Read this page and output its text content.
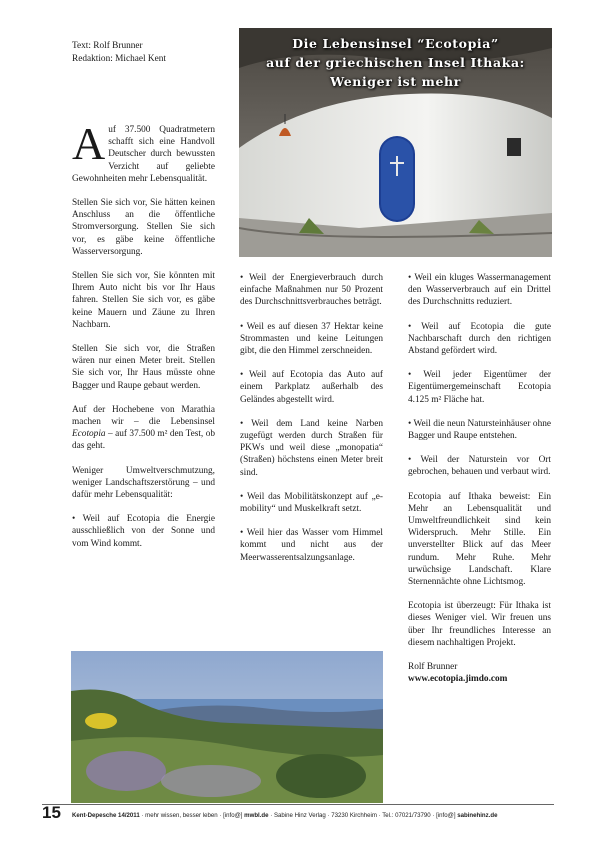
Text: Rolf Brunner
Redaktion: Michael Kent
Die Lebensinsel “Ecotopia”
auf der griechischen Insel Ithaka:
Weniger ist mehr

Auf 37.500 Quadratmetern schafft sich eine Handvoll Deutscher durch bewussten Verzicht auf geliebte Gewohnheiten mehr Lebensqualität.

Stellen Sie sich vor, Sie hätten keinen Anschluss an die öffentliche Stromversorgung. Stellen Sie sich vor, es gäbe keine öffentliche Wasserversorgung.

Stellen Sie sich vor, Sie könnten mit Ihrem Auto nicht bis vor Ihr Haus fahren. Stellen Sie sich vor, es gäbe keine Mauern und Zäune zu Ihren Nachbarn.

Stellen Sie sich vor, die Straßen wären nur einen Meter breit. Stellen Sie sich vor, Ihr Haus müsste ohne Bagger und Raupe gebaut werden.

Auf der Hochebene von Marathia machen wir – die Lebensinsel Ecotopia – auf 37.500 m² den Test, ob das geht.

Weniger Umweltverschmutzung, weniger Landschaftszerstörung – und dafür mehr Lebensqualität:

• Weil auf Ecotopia die Energie ausschließlich von der Sonne und vom Wind kommt.

• Weil der Energieverbrauch durch einfache Maßnahmen nur 50 Prozent des Durchschnittsverbrauches beträgt.

• Weil es auf diesen 37 Hektar keine Strommasten und keine Leitungen gibt, die den Himmel zerschneiden.

• Weil auf Ecotopia das Auto auf einem Parkplatz außerhalb des Geländes abgestellt wird.

• Weil dem Land keine Narben zugefügt werden durch Straßen für PKWs und weil diese „monopatia“ (Straßen) höchstens einen Meter breit sind.

• Weil das Mobilitätskonzept auf „e-mobility“ und Muskelkraft setzt.

• Weil hier das Wasser vom Himmel kommt und nicht aus der Meerwasserentsalzungsanlage.

• Weil ein kluges Wassermanagement den Wasserverbrauch auf ein Drittel des Durchschnitts reduziert.

• Weil auf Ecotopia die gute Nachbarschaft durch den richtigen Abstand gefördert wird.

• Weil jeder Eigentümer der Eigentümergemeinschaft Ecotopia 4.125 m² Fläche hat.

• Weil die neun Natursteinhäuser ohne Bagger und Raupe entstehen.

• Weil der Naturstein vor Ort gebrochen, behauen und verbaut wird.

Ecotopia auf Ithaka beweist: Ein Mehr an Lebensqualität und Umweltfreundlichkeit sind kein Widerspruch. Mehr Stille. Ein unverstellter Blick auf das Meer rundum. Mehr Ruhe. Mehr urwüchsige Landschaft. Klare Sternennächte ohne Lichtsmog.

Ecotopia ist überzeugt: Für Ithaka ist dieses Weniger viel. Wir freuen uns über Ihr freundliches Interesse an diesem nachhaltigen Projekt.

Rolf Brunner
www.ecotopia.jimdo.com

15 Kent-Depesche 14/2011 · mehr wissen, besser leben · [info@] mwbl.de · Sabine Hinz Verlag · 73230 Kirchheim · Tel.: 07021/73790 · [info@] sabinehinz.de
